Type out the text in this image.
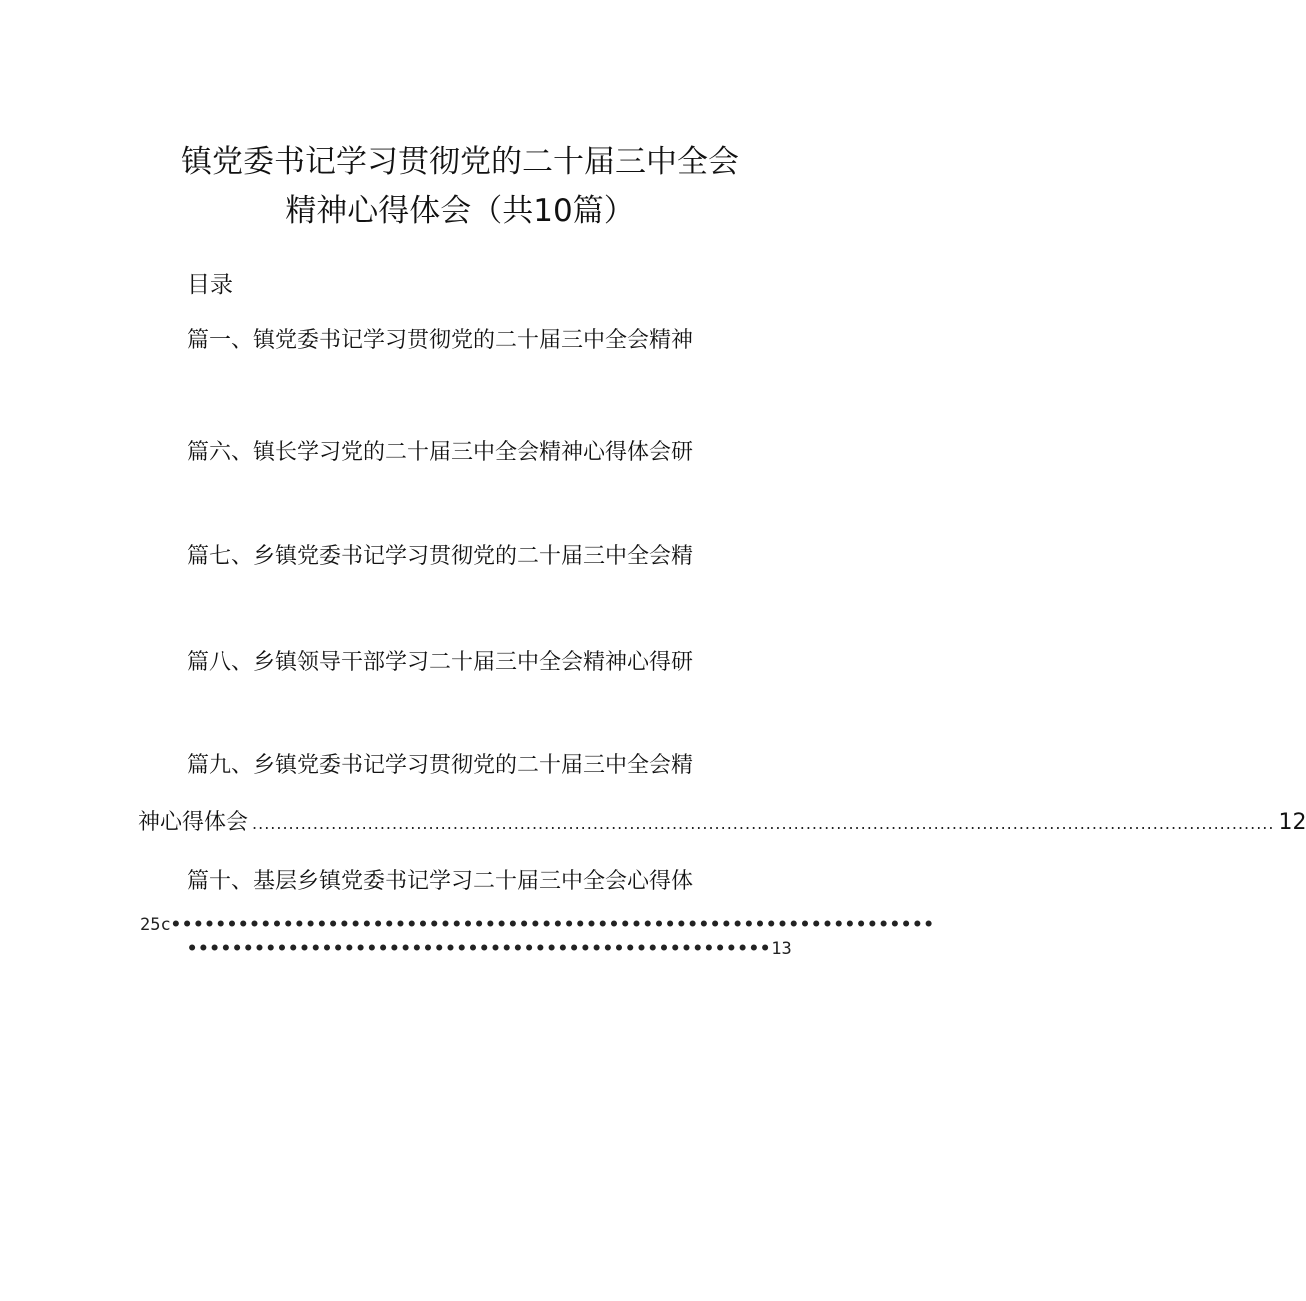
镇党委书记学习贯彻党的二十届三中全会
精神心得体会（共10篇）
目录
篇一、镇党委书记学习贯彻党的二十届三中全会精神
篇六、镇长学习党的二十届三中全会精神心得体会研
篇七、乡镇党委书记学习贯彻党的二十届三中全会精
篇八、乡镇领导干部学习二十届三中全会精神心得研
篇九、乡镇党委书记学习贯彻党的二十届三中全会精
神心得体会 ........................................................................................................................................................................ 12
篇十、基层乡镇党委书记学习二十届三中全会心得体
25c••••••••••••••••••••••••••••••••••••••••••••••••••••••••••••••••••••
••••••••••••••••••••••••••••••••••••••••••••••••••••13
